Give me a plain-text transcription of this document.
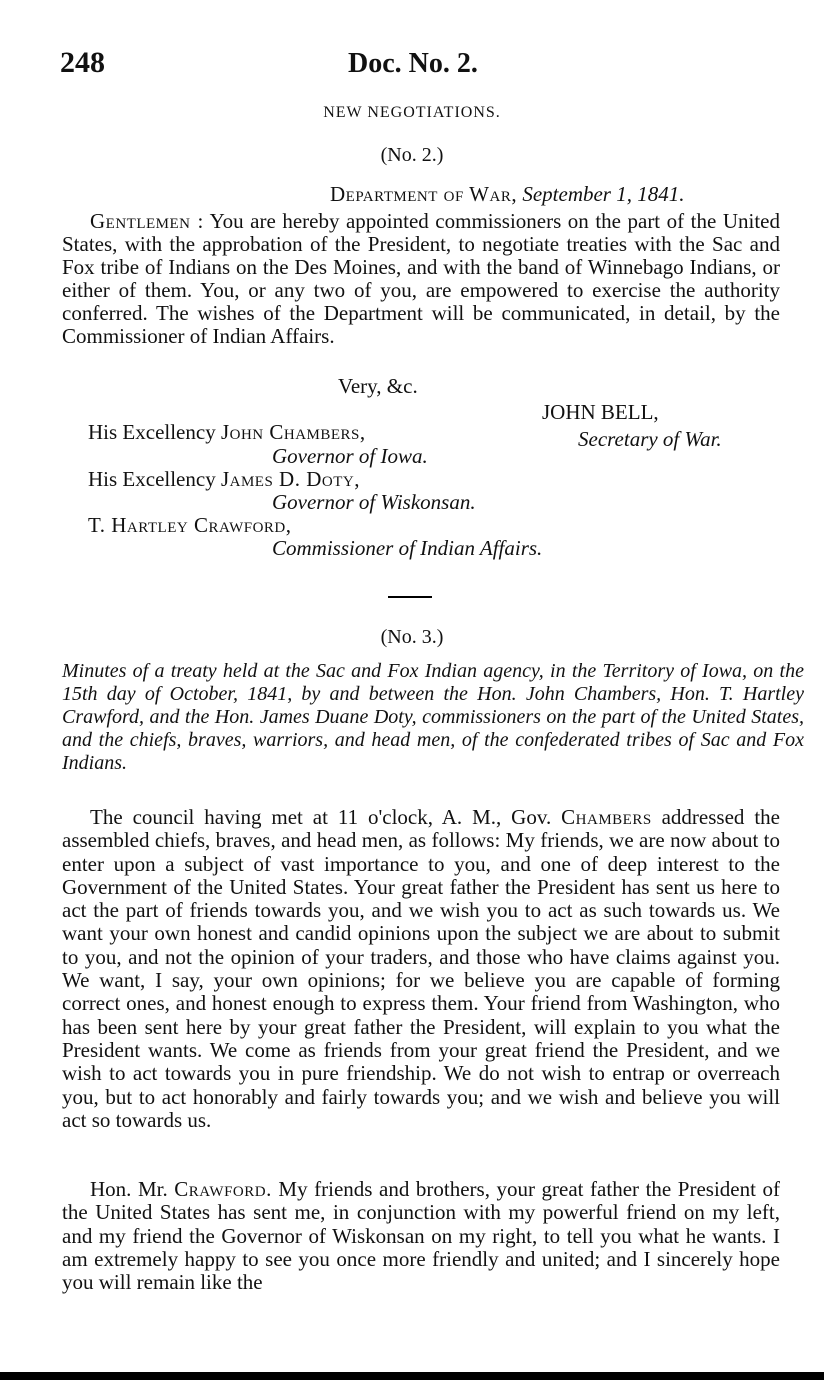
248	Doc. No. 2.
NEW NEGOTIATIONS.
(No. 2.)
Department of War, September 1, 1841.
Gentlemen : You are hereby appointed commissioners on the part of the United States, with the approbation of the President, to negotiate treaties with the Sac and Fox tribe of Indians on the Des Moines, and with the band of Winnebago Indians, or either of them. You, or any two of you, are empowered to exercise the authority conferred. The wishes of the Department will be communicated, in detail, by the Commissioner of Indian Affairs.
Very, &c.
JOHN BELL,
Secretary of War.
His Excellency John Chambers,
Governor of Iowa.
His Excellency James D. Doty,
Governor of Wiskonsan.
T. Hartley Crawford,
Commissioner of Indian Affairs.
(No. 3.)
Minutes of a treaty held at the Sac and Fox Indian agency, in the Territory of Iowa, on the 15th day of October, 1841, by and between the Hon. John Chambers, Hon. T. Hartley Crawford, and the Hon. James Duane Doty, commissioners on the part of the United States, and the chiefs, braves, warriors, and head men, of the confederated tribes of Sac and Fox Indians.
The council having met at 11 o'clock, A. M., Gov. Chambers addressed the assembled chiefs, braves, and head men, as follows: My friends, we are now about to enter upon a subject of vast importance to you, and one of deep interest to the Government of the United States. Your great father the President has sent us here to act the part of friends towards you, and we wish you to act as such towards us. We want your own honest and candid opinions upon the subject we are about to submit to you, and not the opinion of your traders, and those who have claims against you. We want, I say, your own opinions; for we believe you are capable of forming correct ones, and honest enough to express them. Your friend from Washington, who has been sent here by your great father the President, will explain to you what the President wants. We come as friends from your great friend the President, and we wish to act towards you in pure friendship. We do not wish to entrap or overreach you, but to act honorably and fairly towards you; and we wish and believe you will act so towards us.
Hon. Mr. Crawford. My friends and brothers, your great father the President of the United States has sent me, in conjunction with my powerful friend on my left, and my friend the Governor of Wiskonsan on my right, to tell you what he wants. I am extremely happy to see you once more friendly and united; and I sincerely hope you will remain like the
